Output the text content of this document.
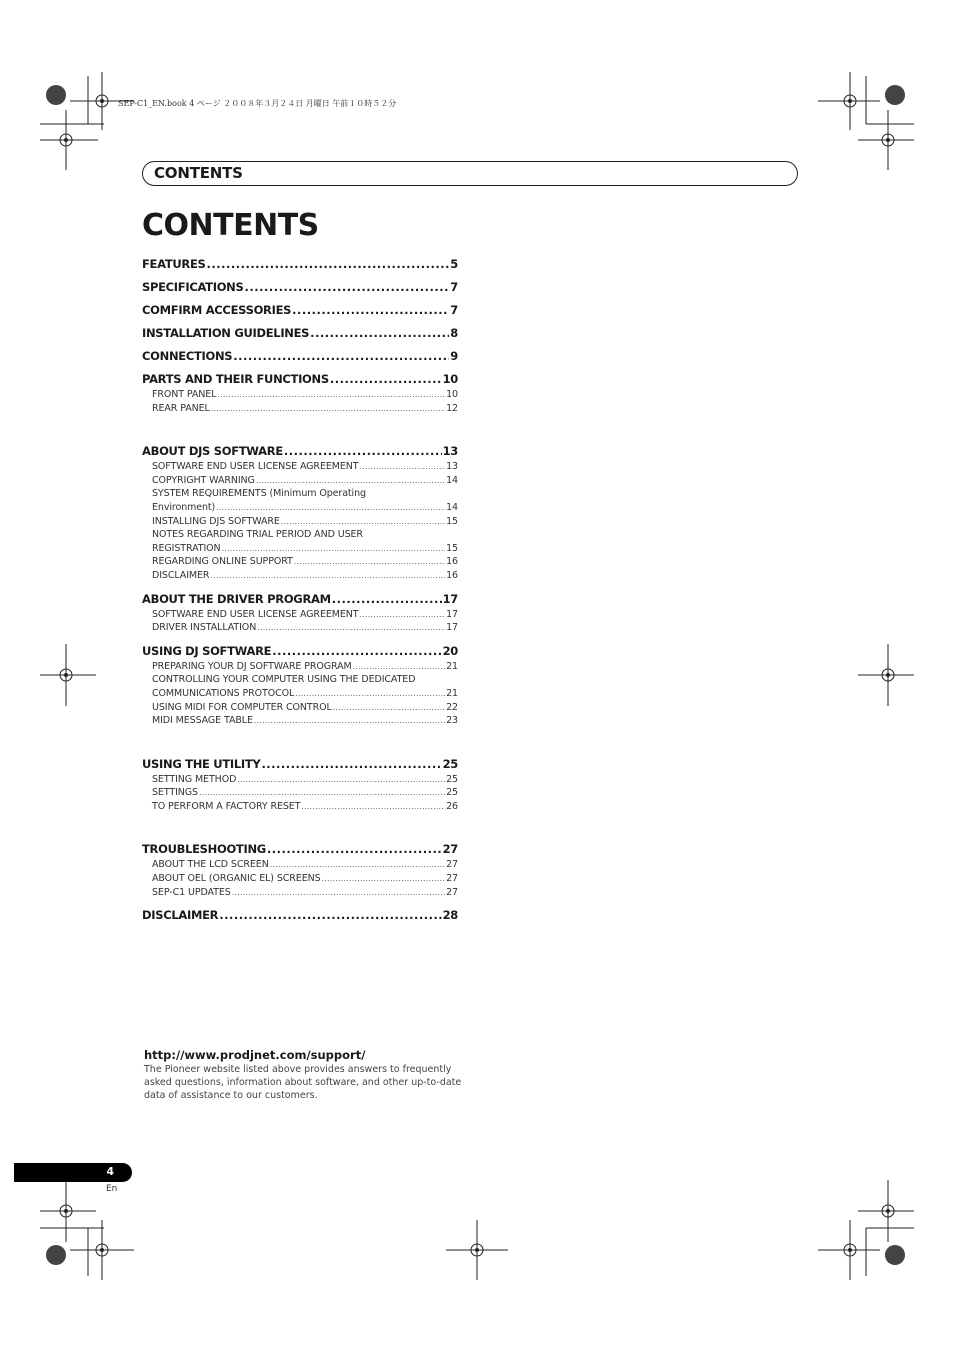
SEP-C1_EN.book 4 ページ ２００８年３月２４日 月曜日 午前１０時５２分
CONTENTS
CONTENTS
FEATURES .....	5
SPECIFICATIONS .....	7
COMFIRM ACCESSORIES .....	7
INSTALLATION GUIDELINES .....	8
CONNECTIONS .....	9
PARTS AND THEIR FUNCTIONS .....	10
FRONT PANEL .....	10
REAR PANEL .....	12
ABOUT DJS SOFTWARE .....	13
SOFTWARE END USER LICENSE AGREEMENT .....	13
COPYRIGHT WARNING .....	14
SYSTEM REQUIREMENTS (Minimum Operating
Environment) .....	14
INSTALLING DJS SOFTWARE .....	15
NOTES REGARDING TRIAL PERIOD AND USER
REGISTRATION .....	15
REGARDING ONLINE SUPPORT .....	16
DISCLAIMER .....	16
ABOUT THE DRIVER PROGRAM .....	17
SOFTWARE END USER LICENSE AGREEMENT .....	17
DRIVER INSTALLATION .....	17
USING DJ SOFTWARE .....	20
PREPARING YOUR DJ SOFTWARE PROGRAM .....	21
CONTROLLING YOUR COMPUTER USING THE DEDICATED
COMMUNICATIONS PROTOCOL .....	21
USING MIDI FOR COMPUTER CONTROL .....	22
MIDI MESSAGE TABLE .....	23
USING THE UTILITY .....	25
SETTING METHOD .....	25
SETTINGS .....	25
TO PERFORM A FACTORY RESET .....	26
TROUBLESHOOTING .....	27
ABOUT THE LCD SCREEN .....	27
ABOUT OEL (ORGANIC EL) SCREENS .....	27
SEP-C1 UPDATES .....	27
DISCLAIMER .....	28
http://www.prodjnet.com/support/
The Pioneer website listed above provides answers to frequently asked questions, information about software, and other up-to-date data of assistance to our customers.
4
En
